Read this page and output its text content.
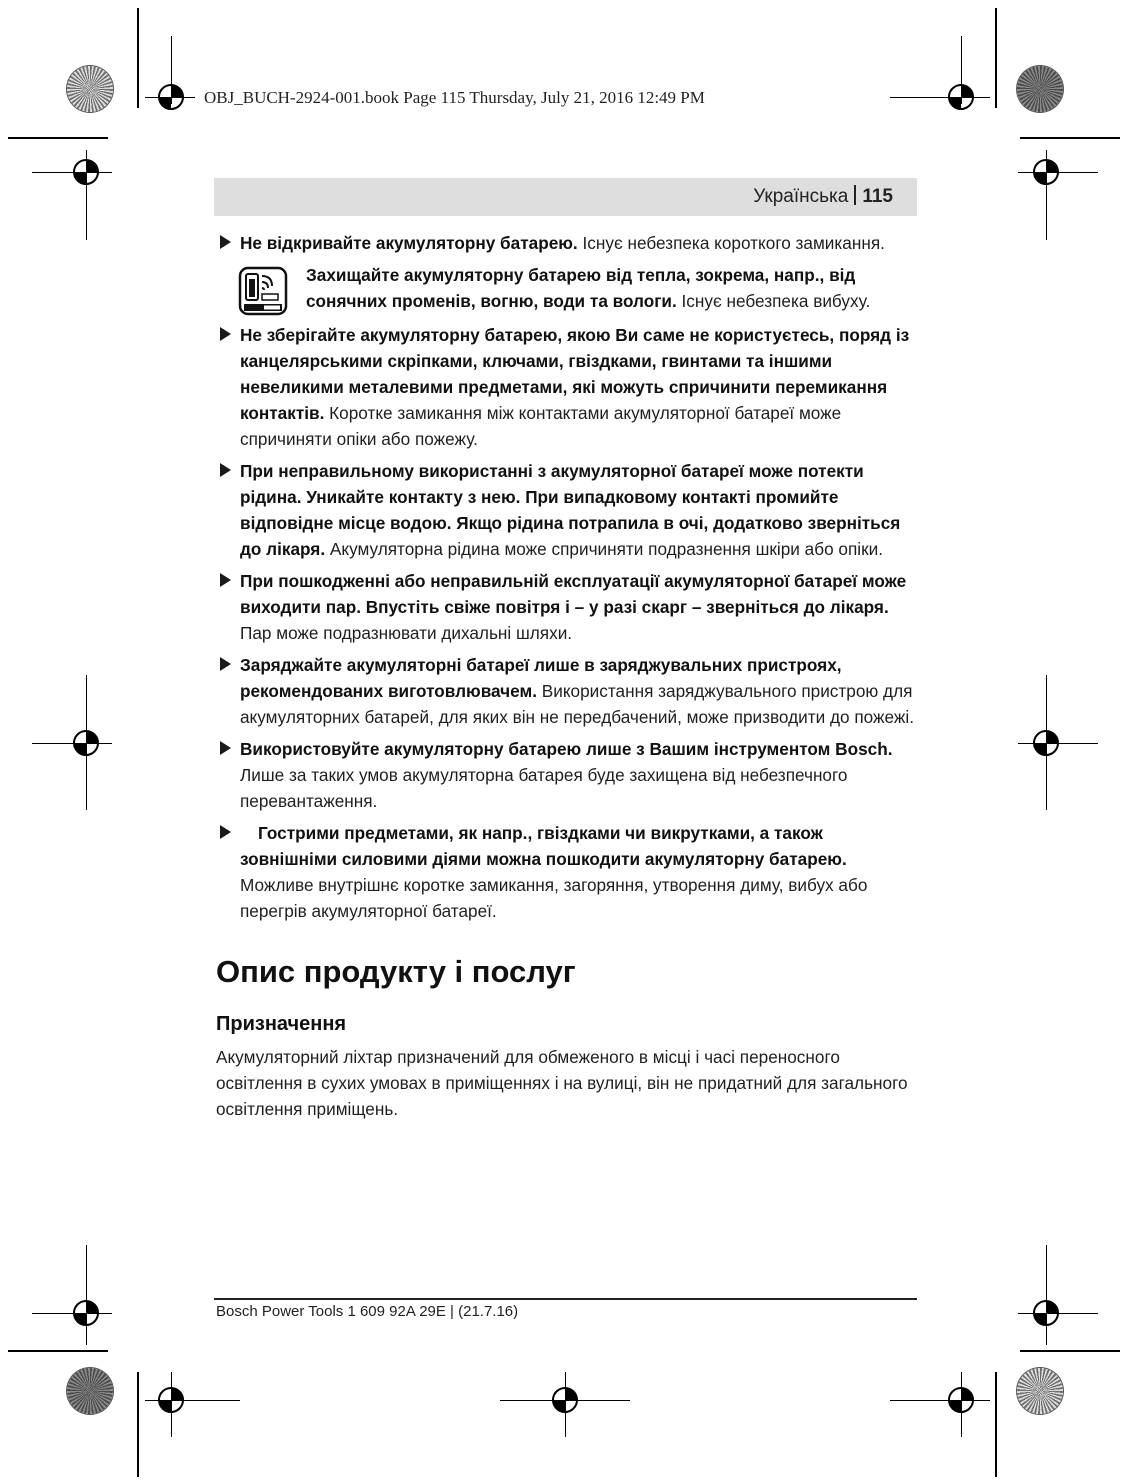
OBJ_BUCH-2924-001.book Page 115 Thursday, July 21, 2016 12:49 PM
Українська 115
Не відкривайте акумуляторну батарею. Існує небезпека короткого замикання.
Захищайте акумуляторну батарею від тепла, зокрема, напр., від сонячних променів, вогню, води та вологи. Існує небезпека вибуху.
Не зберігайте акумуляторну батарею, якою Ви саме не користуєтесь, поряд із канцелярськими скріпками, ключами, гвіздками, гвинтами та іншими невеликими металевими предметами, які можуть спричинити перемикання контактів. Коротке замикання між контактами акумуляторної батареї може спричиняти опіки або пожежу.
При неправильному використанні з акумуляторної батареї може потекти рідина. Уникайте контакту з нею. При випадковому контакті промийте відповідне місце водою. Якщо рідина потрапила в очі, додатково зверніться до лікаря. Акумуляторна рідина може спричиняти подразнення шкіри або опіки.
При пошкодженні або неправильній експлуатації акумуляторної батареї може виходити пар. Впустіть свіже повітря і – у разі скарг – зверніться до лікаря. Пар може подразнювати дихальні шляхи.
Заряджайте акумуляторні батареї лише в заряджувальних пристроях, рекомендованих виготовлювачем. Використання заряджувального пристрою для акумуляторних батарей, для яких він не передбачений, може призводити до пожежі.
Використовуйте акумуляторну батарею лише з Вашим інструментом Bosch. Лише за таких умов акумуляторна батарея буде захищена від небезпечного перевантаження.
Гострими предметами, як напр., гвіздками чи викрутками, а також зовнішніми силовими діями можна пошкодити акумуляторну батарею. Можливе внутрішнє коротке замикання, загоряння, утворення диму, вибух або перегрів акумуляторної батареї.
Опис продукту і послуг
Призначення

Акумуляторний ліхтар призначений для обмеженого в місці і часі переносного освітлення в сухих умовах в приміщеннях і на вулиці, він не придатний для загального освітлення приміщень.

Bosch Power Tools 1 609 92A 29E | (21.7.16)
